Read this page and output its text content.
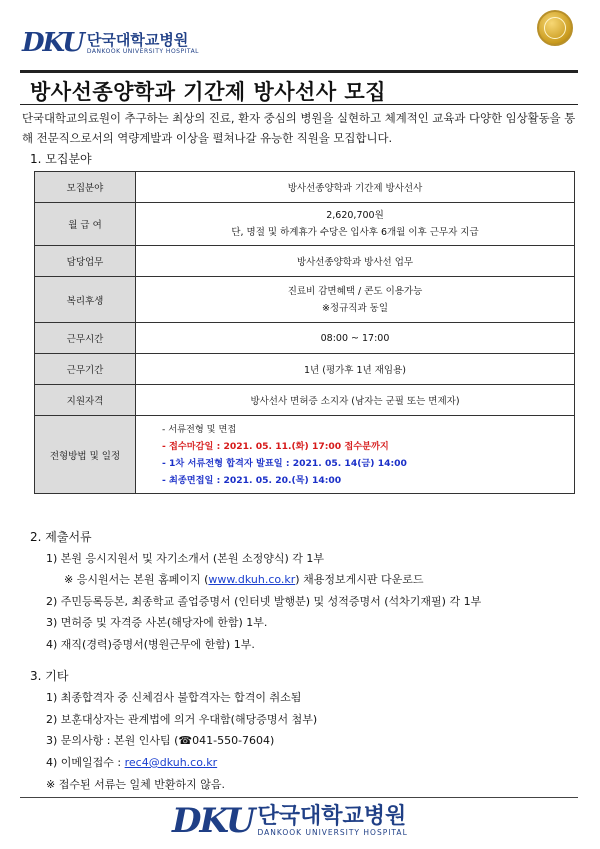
DKU 단국대학교병원
DANKOOK UNIVERSITY HOSPITAL
방사선종양학과 기간제 방사선사 모집
단국대학교의료원이 추구하는 최상의 진료, 환자 중심의 병원을 실현하고 체계적인 교육과 다양한 임상활동을 통해 전문직으로서의 역량계발과 이상을 펼쳐나갈 유능한 직원을 모집합니다.
1. 모집분야
모집분야	방사선종양학과 기간제 방사선사
월 급 여	2,620,700원
단, 명절 및 하계휴가 수당은 입사후 6개월 이후 근무자 지급

담당업무	방사선종양학과 방사선 업무
복리후생	진료비 감면혜택 / 콘도 이용가능
※정규직과 동일

근무시간	08:00 ~ 17:00
근무기간	1년 (평가후 1년 재임용)
지원자격	방사선사 면허증 소지자 (남자는 군필 또는 면제자)
전형방법 및 일정	- 서류전형 및 면접
- 접수마감일 : 2021. 05. 11.(화) 17:00 접수분까지
- 1차 서류전형 합격자 발표일 : 2021. 05. 14(금) 14:00
- 최종면접일 : 2021. 05. 20.(목) 14:00
2. 제출서류
1) 본원 응시지원서 및 자기소개서 (본원 소정양식) 각 1부
※ 응시원서는 본원 홈페이지 (www.dkuh.co.kr) 채용정보게시판 다운로드
2) 주민등록등본, 최종학교 졸업증명서 (인터넷 발행분) 및 성적증명서 (석차기재필) 각 1부
3) 면허증 및 자격증 사본(해당자에 한함) 1부.
4) 재직(경력)증명서(병원근무에 한함) 1부.
3. 기타
1) 최종합격자 중 신체검사 불합격자는 합격이 취소됨
2) 보훈대상자는 관계법에 의거 우대함(해당증명서 첨부)
3) 문의사항 : 본원 인사팀 (☎041-550-7604)
4) 이메일접수 : rec4@dkuh.co.kr
※ 접수된 서류는 일체 반환하지 않음.
DKU 단국대학교병원
DANKOOK UNIVERSITY HOSPITAL
